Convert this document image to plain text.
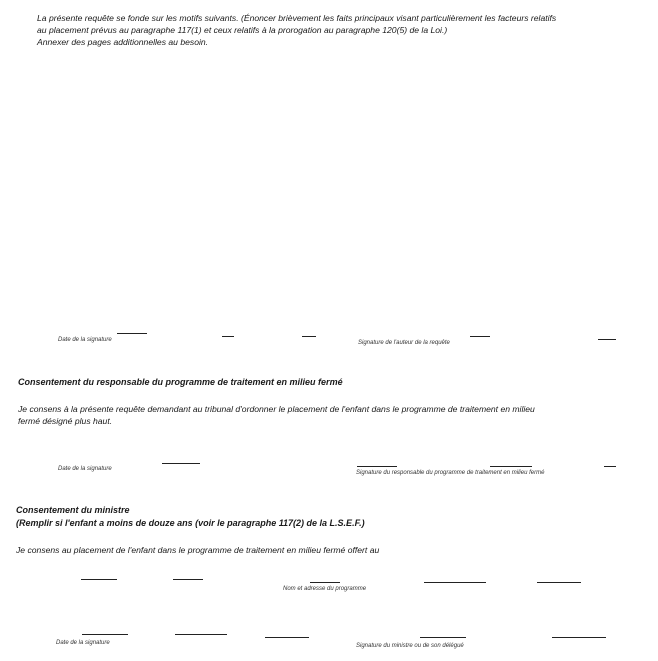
La présente requête se fonde sur les motifs suivants. (Énoncer brièvement les faits principaux visant particulièrement les facteurs relatifs
au placement prévus au paragraphe 117(1) et ceux relatifs à la prorogation au paragraphe 120(5) de la Loi.)
Annexer des pages additionnelles au besoin.
Date de la signature	Signature de l'auteur de la requête
Consentement du responsable du programme de traitement en milieu fermé
Je consens à la présente requête demandant au tribunal d'ordonner le placement de l'enfant dans le programme de traitement en milieu
fermé désigné plus haut.
Date de la signature
Signature du responsable du programme de traitement en milieu fermé
Consentement du ministre
(Remplir si l'enfant a moins de douze ans (voir le paragraphe 117(2) de la L.S.E.F.)
Je consens au placement de l'enfant dans le programme de traitement en milieu fermé offert au
Nom et adresse du programme
Date de la signature	Signature du ministre ou de son délégué
